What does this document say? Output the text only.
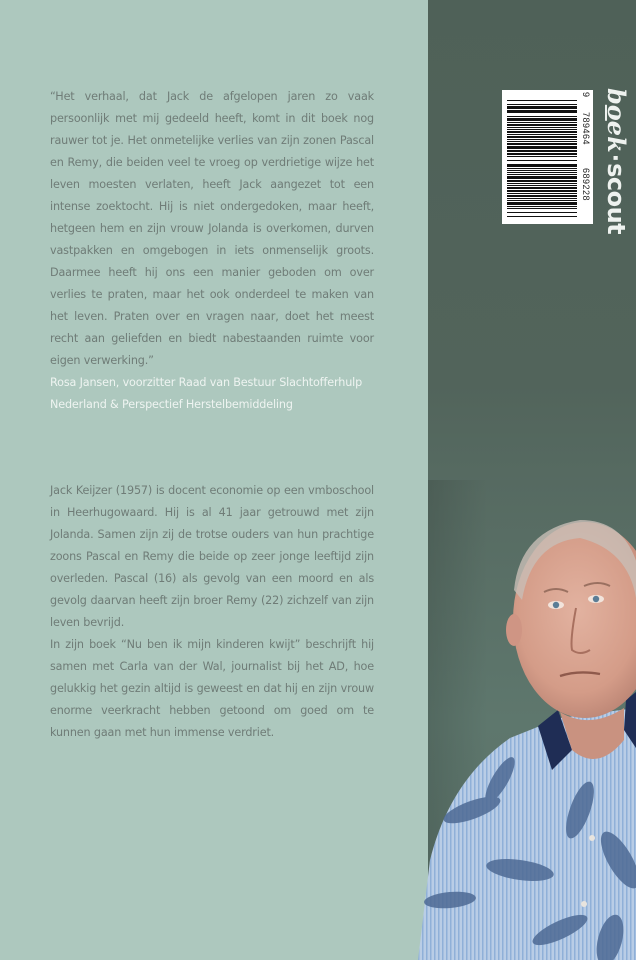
“Het verhaal, dat Jack de afgelopen jaren zo vaak persoonlijk met mij gedeeld heeft, komt in dit boek nog rauwer tot je. Het onmetelijke verlies van zijn zonen Pascal en Remy, die beiden veel te vroeg op verdrietige wijze het leven moesten verlaten, heeft Jack aangezet tot een intense zoektocht. Hij is niet ondergedoken, maar heeft, hetgeen hem en zijn vrouw Jolanda is overkomen, durven vastpakken en omgebogen in iets onmenselijk groots. Daarmee heeft hij ons een manier geboden om over verlies te praten, maar het ook onderdeel te maken van het leven. Praten over en vragen naar, doet het meest recht aan geliefden en biedt nabestaanden ruimte voor eigen verwerking.”

Rosa Jansen, voorzitter Raad van Bestuur Slachtofferhulp Nederland & Perspectief Herstelbemiddeling

Jack Keijzer (1957) is docent economie op een vmboschool in Heerhugowaard. Hij is al 41 jaar getrouwd met zijn Jolanda. Samen zijn zij de trotse ouders van hun prachtige zoons Pascal en Remy die beide op zeer jonge leeftijd zijn overleden. Pascal (16) als gevolg van een moord en als gevolg daarvan heeft zijn broer Remy (22) zichzelf van zijn leven bevrijd.

In zijn boek “Nu ben ik mijn kinderen kwijt” beschrijft hij samen met Carla van der Wal, journalist bij het AD, hoe gelukkig het gezin altijd is geweest en dat hij en zijn vrouw enorme veerkracht hebben getoond om goed om te kunnen gaan met hun immense verdriet.

9
789464
689228
boek·scout
